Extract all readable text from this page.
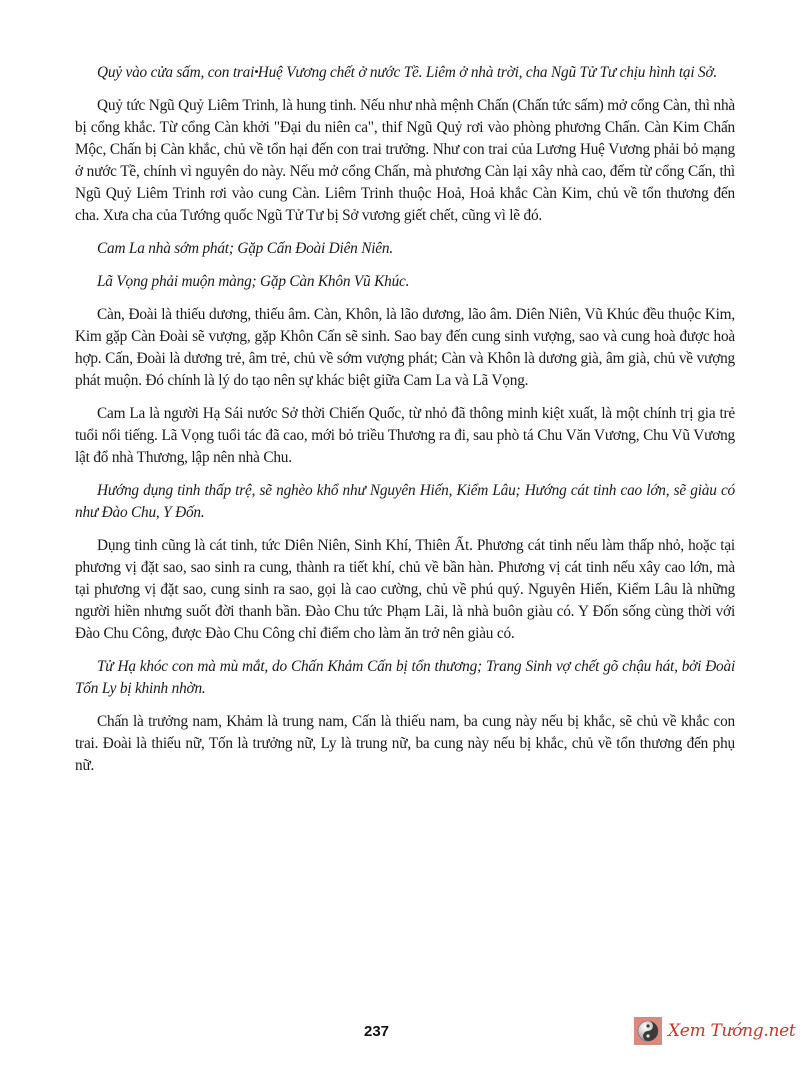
Quỷ vào cửa sấm, con trai Huệ Vương chết ở nước Tề. Liêm ở nhà trời, cha Ngũ Tử Tư chịu hình tại Sở.

Quỷ tức Ngũ Quỷ Liêm Trinh, là hung tinh. Nếu như nhà mệnh Chấn (Chấn tức sấm) mở cổng Càn, thì nhà bị cổng khắc. Từ cổng Càn khởi "Đại du niên ca", thif Ngũ Quỷ rơi vào phòng phương Chấn. Càn Kim Chấn Mộc, Chấn bị Càn khắc, chủ về tổn hại đến con trai trưởng. Như con trai của Lương Huệ Vương phải bỏ mạng ở nước Tề, chính vì nguyên do này. Nếu mở cổng Chấn, mà phương Càn lại xây nhà cao, đếm từ cổng Cấn, thì Ngũ Quỷ Liêm Trinh rơi vào cung Càn. Liêm Trinh thuộc Hoả, Hoả khắc Càn Kim, chủ về tổn thương đến cha. Xưa cha của Tướng quốc Ngũ Tử Tư bị Sở vương giết chết, cũng vì lẽ đó.

Cam La nhà sớm phát; Gặp Cấn Đoài Diên Niên.

Lã Vọng phải muộn màng; Gặp Càn Khôn Vũ Khúc.

Càn, Đoài là thiếu dương, thiếu âm. Càn, Khôn, là lão dương, lão âm. Diên Niên, Vũ Khúc đều thuộc Kim, Kim gặp Càn Đoài sẽ vượng, gặp Khôn Cấn sẽ sinh. Sao bay đến cung sinh vượng, sao và cung hoà được hoà hợp. Cấn, Đoài là dương trẻ, âm trẻ, chủ về sớm vượng phát; Càn và Khôn là dương già, âm già, chủ về vượng phát muộn. Đó chính là lý do tạo nên sự khác biệt giữa Cam La và Lã Vọng.

Cam La là người Hạ Sái nước Sở thời Chiến Quốc, từ nhỏ đã thông minh kiệt xuất, là một chính trị gia trẻ tuổi nổi tiếng. Lã Vọng tuổi tác đã cao, mới bỏ triều Thương ra đi, sau phò tá Chu Văn Vương, Chu Vũ Vương lật đổ nhà Thương, lập nên nhà Chu.

Hướng dụng tinh thấp trệ, sẽ nghèo khổ như Nguyên Hiến, Kiểm Lâu; Hướng cát tinh cao lớn, sẽ giàu có như Đào Chu, Y Đốn.

Dụng tinh cũng là cát tinh, tức Diên Niên, Sinh Khí, Thiên Ất. Phương cát tinh nếu làm thấp nhỏ, hoặc tại phương vị đặt sao, sao sinh ra cung, thành ra tiết khí, chủ về bần hàn. Phương vị cát tinh nếu xây cao lớn, mà tại phương vị đặt sao, cung sinh ra sao, gọi là cao cường, chủ về phú quý. Nguyên Hiến, Kiểm Lâu là những người hiền nhưng suốt đời thanh bần. Đào Chu tức Phạm Lãi, là nhà buôn giàu có. Y Đốn sống cùng thời với Đào Chu Công, được Đào Chu Công chỉ điểm cho làm ăn trở nên giàu có.

Tử Hạ khóc con mà mù mắt, do Chấn Khảm Cấn bị tổn thương; Trang Sinh vợ chết gõ chậu hát, bởi Đoài Tốn Ly bị khinh nhờn.

Chấn là trưởng nam, Khảm là trung nam, Cấn là thiếu nam, ba cung này nếu bị khắc, sẽ chủ về khắc con trai. Đoài là thiếu nữ, Tốn là trưởng nữ, Ly là trung nữ, ba cung này nếu bị khắc, chủ về tổn thương đến phụ nữ.

237	Xem Tướng.net
